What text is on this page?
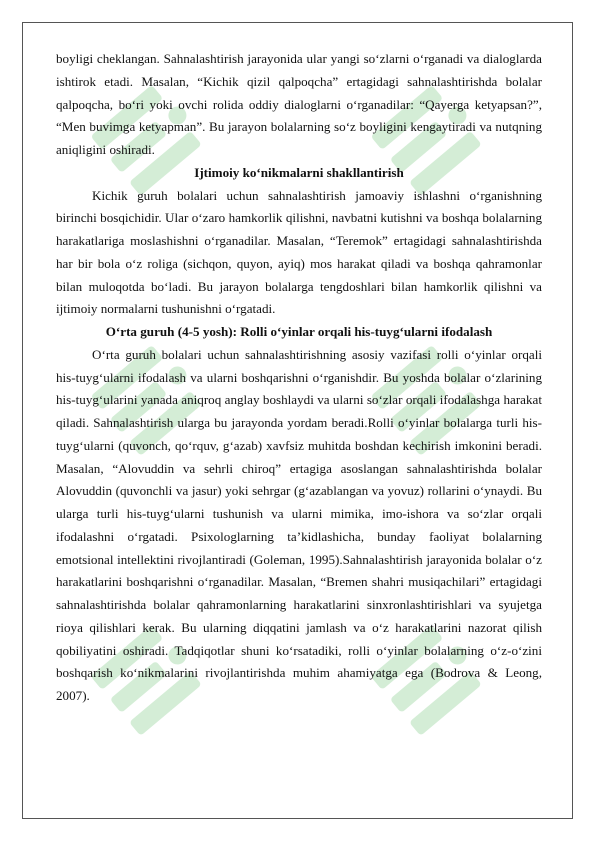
boyligi cheklangan. Sahnalashtirish jarayonida ular yangi so‘zlarni o‘rganadi va dialoglarda ishtirok etadi. Masalan, “Kichik qizil qalpoqcha” ertagidagi sahnalashtirishda bolalar qalpoqcha, bo‘ri yoki ovchi rolida oddiy dialoglarni o‘rganadilar: “Qayerga ketyapsan?”, “Men buvimga ketyapman”. Bu jarayon bolalarning so‘z boyligini kengaytiradi va nutqning aniqligini oshiradi.

Ijtimoiy ko‘nikmalarni shakllantirish

Kichik guruh bolalari uchun sahnalashtirish jamoaviy ishlashni o‘rganishning birinchi bosqichidir. Ular o‘zaro hamkorlik qilishni, navbatni kutishni va boshqa bolalarning harakatlariga moslashishni o‘rganadilar. Masalan, “Teremok” ertagidagi sahnalashtirishda har bir bola o‘z roliga (sichqon, quyon, ayiq) mos harakat qiladi va boshqa qahramonlar bilan muloqotda bo‘ladi. Bu jarayon bolalarga tengdoshlari bilan hamkorlik qilishni va ijtimoiy normalarni tushunishni o‘rgatadi.

O‘rta guruh (4-5 yosh): Rolli o‘yinlar orqali his-tuyg‘ularni ifodalash

O‘rta guruh bolalari uchun sahnalashtirishning asosiy vazifasi rolli o‘yinlar orqali his-tuyg‘ularni ifodalash va ularni boshqarishni o‘rganishdir. Bu yoshda bolalar o‘zlarining his-tuyg‘ularini yanada aniqroq anglay boshlaydi va ularni so‘zlar orqali ifodalashga harakat qiladi. Sahnalashtirish ularga bu jarayonda yordam beradi.Rolli o‘yinlar bolalarga turli his-tuyg‘ularni (quvonch, qo‘rquv, g‘azab) xavfsiz muhitda boshdan kechirish imkonini beradi. Masalan, “Alovuddin va sehrli chiroq” ertagiga asoslangan sahnalashtirishda bolalar Alovuddin (quvonchli va jasur) yoki sehrgar (g‘azablangan va yovuz) rollarini o‘ynaydi. Bu ularga turli his-tuyg‘ularni tushunish va ularni mimika, imo-ishora va so‘zlar orqali ifodalashni o‘rgatadi. Psixologlarning ta’kidlashicha, bunday faoliyat bolalarning emotsional intellektini rivojlantiradi (Goleman, 1995).Sahnalashtirish jarayonida bolalar o‘z harakatlarini boshqarishni o‘rganadilar. Masalan, “Bremen shahri musiqachilari” ertagidagi sahnalashtirishda bolalar qahramonlarning harakatlarini sinxronlashtirishlari va syujetga rioya qilishlari kerak. Bu ularning diqqatini jamlash va o‘z harakatlarini nazorat qilish qobiliyatini oshiradi. Tadqiqotlar shuni ko‘rsatadiki, rolli o‘yinlar bolalarning o‘z-o‘zini boshqarish ko‘nikmalarini rivojlantirishda muhim ahamiyatga ega (Bodrova & Leong, 2007).
